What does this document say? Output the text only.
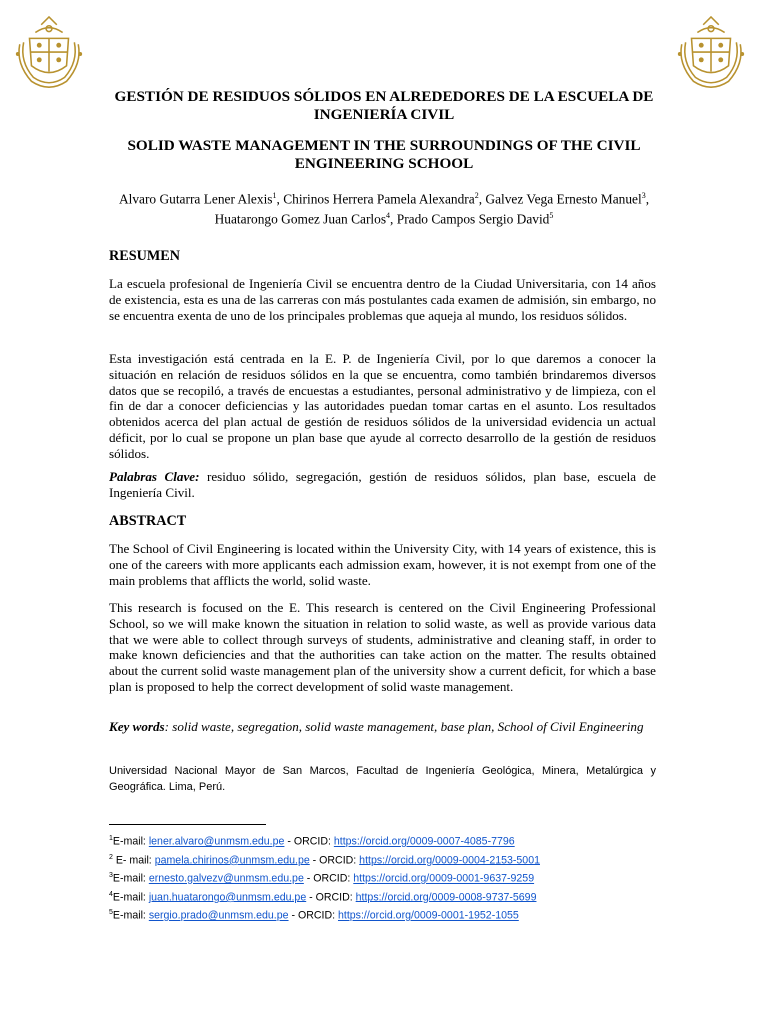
GESTIÓN DE RESIDUOS SÓLIDOS EN ALREDEDORES DE LA ESCUELA DE INGENIERÍA CIVIL
SOLID WASTE MANAGEMENT IN THE SURROUNDINGS OF THE CIVIL ENGINEERING SCHOOL

Alvaro Gutarra Lener Alexis$^1$, Chirinos Herrera Pamela Alexandra$^2$, Galvez Vega Ernesto Manuel$^3$, Huatarongo Gomez Juan Carlos$^4$, Prado Campos Sergio David$^5$

RESUMEN

La escuela profesional de Ingeniería Civil se encuentra dentro de la Ciudad Universitaria, con 14 años de existencia, esta es una de las carreras con más postulantes cada examen de admisión, sin embargo, no se encuentra exenta de uno de los principales problemas que aqueja al mundo, los residuos sólidos.

Esta investigación está centrada en la E. P. de Ingeniería Civil, por lo que daremos a conocer la situación en relación de residuos sólidos en la que se encuentra, como también brindaremos diversos datos que se recopiló, a través de encuestas a estudiantes, personal administrativo y de limpieza, con el fin de dar a conocer deficiencias y las autoridades puedan tomar cartas en el asunto. Los resultados obtenidos acerca del plan actual de gestión de residuos sólidos de la universidad evidencia un actual déficit, por lo cual se propone un plan base que ayude al correcto desarrollo de la gestión de residuos sólidos.

Palabras Clave: residuo sólido, segregación, gestión de residuos sólidos, plan base, escuela de Ingeniería Civil.

ABSTRACT

The School of Civil Engineering is located within the University City, with 14 years of existence, this is one of the careers with more applicants each admission exam, however, it is not exempt from one of the main problems that afflicts the world, solid waste.

This research is focused on the E. This research is centered on the Civil Engineering Professional School, so we will make known the situation in relation to solid waste, as well as provide various data that we were able to collect through surveys of students, administrative and cleaning staff, in order to make known deficiencies and that the authorities can take action on the matter. The results obtained about the current solid waste management plan of the university show a current deficit, for which a base plan is proposed to help the correct development of solid waste management.

Key words: solid waste, segregation, solid waste management, base plan, School of Civil Engineering

Universidad Nacional Mayor de San Marcos, Facultad de Ingeniería Geológica, Minera, Metalúrgica y Geográfica. Lima, Perú.

$^1$E-mail: lener.alvaro@unmsm.edu.pe - ORCID: https://orcid.org/0009-0007-4085-7796
$^2$ E- mail: pamela.chirinos@unmsm.edu.pe - ORCID: https://orcid.org/0009-0004-2153-5001
$^3$E-mail: ernesto.galvezv@unmsm.edu.pe - ORCID: https://orcid.org/0009-0001-9637-9259
$^4$E-mail: juan.huatarongo@unmsm.edu.pe - ORCID: https://orcid.org/0009-0008-9737-5699
$^5$E-mail: sergio.prado@unmsm.edu.pe - ORCID: https://orcid.org/0009-0001-1952-1055
